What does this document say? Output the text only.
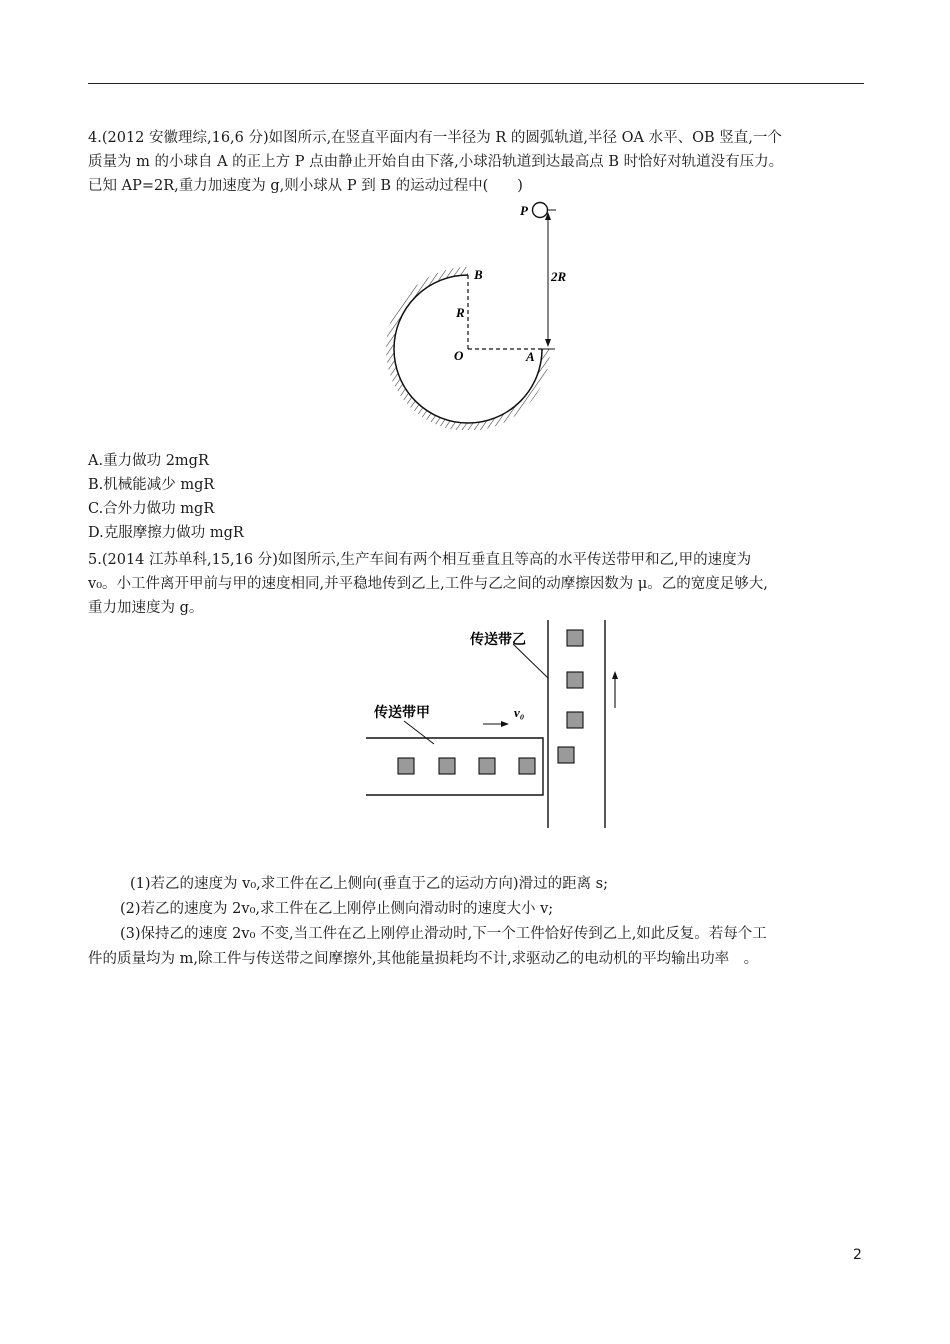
4.(2012 安徽理综,16,6 分)如图所示,在竖直平面内有一半径为 R 的圆弧轨道,半径 OA 水平、OB 竖直,一个
质量为 m 的小球自 A 的正上方 P 点由静止开始自由下落,小球沿轨道到达最高点 B 时恰好对轨道没有压力。
已知 AP=2R,重力加速度为 g,则小球从 P 到 B 的运动过程中(　　)
P
B
R
O	A
2R
A.重力做功 2mgR
B.机械能减少 mgR
C.合外力做功 mgR
D.克服摩擦力做功 mgR
5.(2014 江苏单科,15,16 分)如图所示,生产车间有两个相互垂直且等高的水平传送带甲和乙,甲的速度为
v₀。小工件离开甲前与甲的速度相同,并平稳地传到乙上,工件与乙之间的动摩擦因数为 μ。乙的宽度足够大,
重力加速度为 g。
传送带乙
传送带甲	v₀
(1)若乙的速度为 v₀,求工件在乙上侧向(垂直于乙的运动方向)滑过的距离 s;
(2)若乙的速度为 2v₀,求工件在乙上刚停止侧向滑动时的速度大小 v;
(3)保持乙的速度 2v₀ 不变,当工件在乙上刚停止滑动时,下一个工件恰好传到乙上,如此反复。若每个工
件的质量均为 m,除工件与传送带之间摩擦外,其他能量损耗均不计,求驱动乙的电动机的平均输出功率　。
2
